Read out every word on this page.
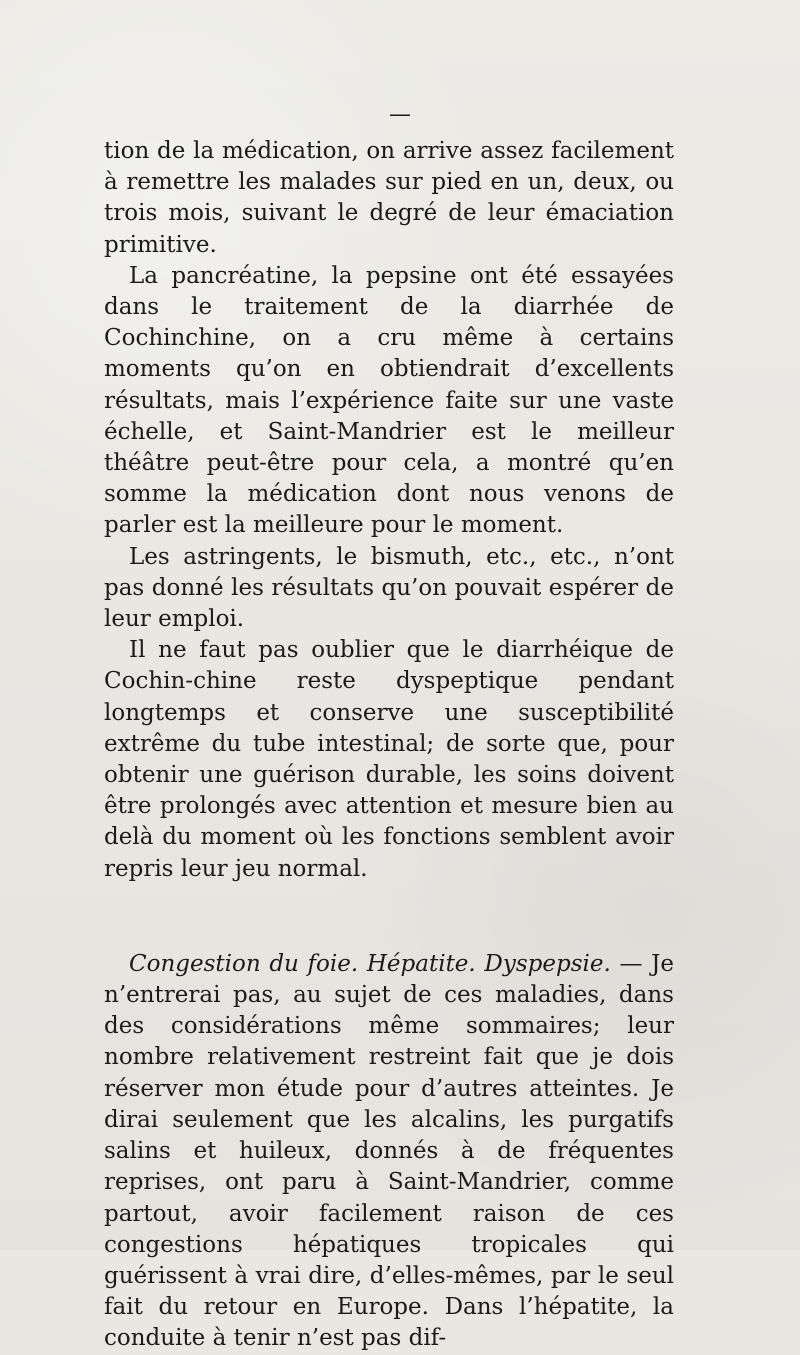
—

tion de la médication, on arrive assez facilement à remettre les malades sur pied en un, deux, ou trois mois, suivant le degré de leur émaciation primitive.

La pancréatine, la pepsine ont été essayées dans le traitement de la diarrhée de Cochinchine, on a cru même à certains moments qu’on en obtiendrait d’excellents résultats, mais l’expérience faite sur une vaste échelle, et Saint-Mandrier est le meilleur théâtre peut-être pour cela, a montré qu’en somme la médication dont nous venons de parler est la meilleure pour le moment.

Les astringents, le bismuth, etc., etc., n’ont pas donné les résultats qu’on pouvait espérer de leur emploi.

Il ne faut pas oublier que le diarrhéique de Cochin-chine reste dyspeptique pendant longtemps et conserve une susceptibilité extrême du tube intestinal; de sorte que, pour obtenir une guérison durable, les soins doivent être prolongés avec attention et mesure bien au delà du moment où les fonctions semblent avoir repris leur jeu normal.

Congestion du foie. Hépatite. Dyspepsie. — Je n’entrerai pas, au sujet de ces maladies, dans des considérations même sommaires; leur nombre relativement restreint fait que je dois réserver mon étude pour d’autres atteintes. Je dirai seulement que les alcalins, les purgatifs salins et huileux, donnés à de fréquentes reprises, ont paru à Saint-Mandrier, comme partout, avoir facilement raison de ces congestions hépatiques tropicales qui guérissent à vrai dire, d’elles-mêmes, par le seul fait du retour en Europe. Dans l’hépatite, la conduite à tenir n’est pas dif-
